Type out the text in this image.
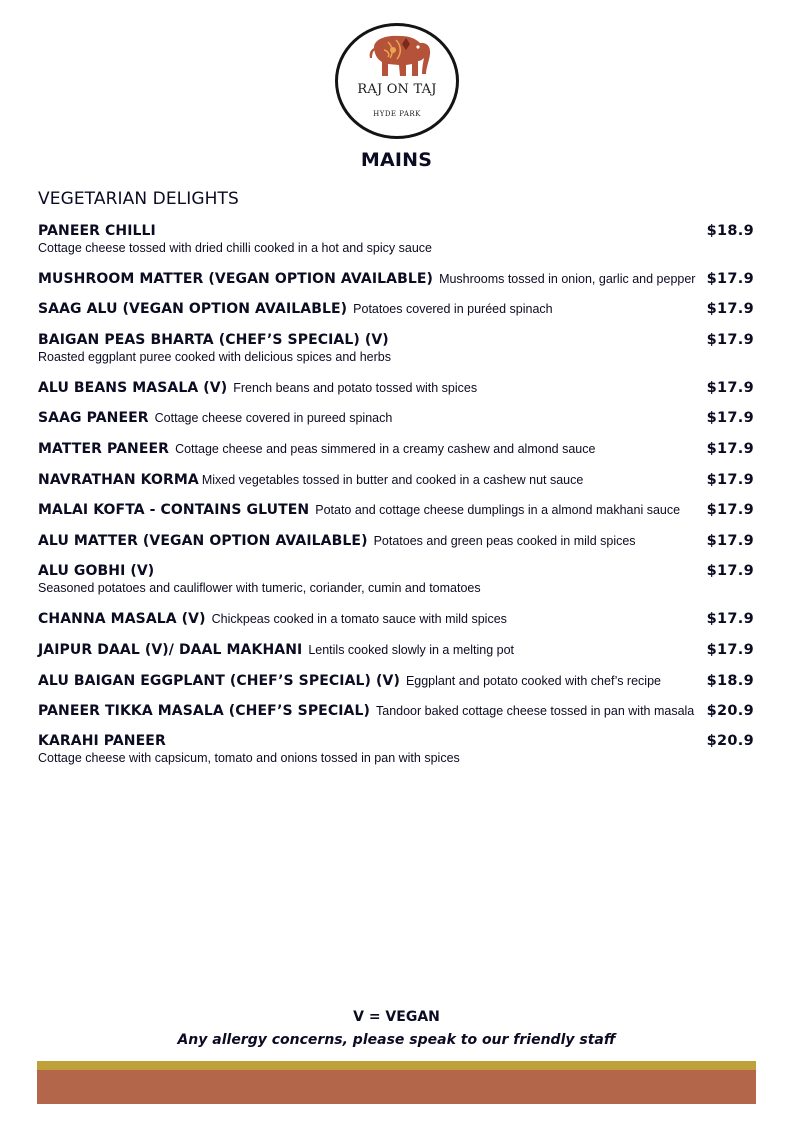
RAJ ON TAJ
HYDE PARK
MAINS
VEGETARIAN DELIGHTS
PANEER CHILLI
Cottage cheese tossed with dried chilli cooked in a hot and spicy sauce
$18.9
MUSHROOM MATTER (VEGAN OPTION AVAILABLE) Mushrooms tossed in onion, garlic and pepper $17.9
SAAG ALU (VEGAN OPTION AVAILABLE) Potatoes covered in puréed spinach	$17.9
BAIGAN PEAS BHARTA (CHEF’S SPECIAL) (V)
Roasted eggplant puree cooked with delicious spices and herbs
$17.9
ALU BEANS MASALA (V) French beans and potato tossed with spices	$17.9
SAAG PANEER Cottage cheese covered in pureed spinach	$17.9
MATTER PANEER Cottage cheese and peas simmered in a creamy cashew and almond sauce	$17.9
NAVRATHAN KORMA Mixed vegetables tossed in butter and cooked in a cashew nut sauce	$17.9
MALAI KOFTA - CONTAINS GLUTEN Potato and cottage cheese dumplings in a almond makhani sauce	$17.9
ALU MATTER (VEGAN OPTION AVAILABLE) Potatoes and green peas cooked in mild spices	$17.9
ALU GOBHI (V)
Seasoned potatoes and cauliflower with tumeric, coriander, cumin and tomatoes
$17.9
CHANNA MASALA (V) Chickpeas cooked in a tomato sauce with mild spices	$17.9
JAIPUR DAAL (V)/ DAAL MAKHANI Lentils cooked slowly in a melting pot	$17.9
ALU BAIGAN EGGPLANT (CHEF’S SPECIAL) (V) Eggplant and potato cooked with chef’s recipe	$18.9
PANEER TIKKA MASALA (CHEF’S SPECIAL) Tandoor baked cottage cheese tossed in pan with masala $20.9
KARAHI PANEER
Cottage cheese with capsicum, tomato and onions tossed in pan with spices
$20.9
V = VEGAN
Any allergy concerns, please speak to our friendly staff
